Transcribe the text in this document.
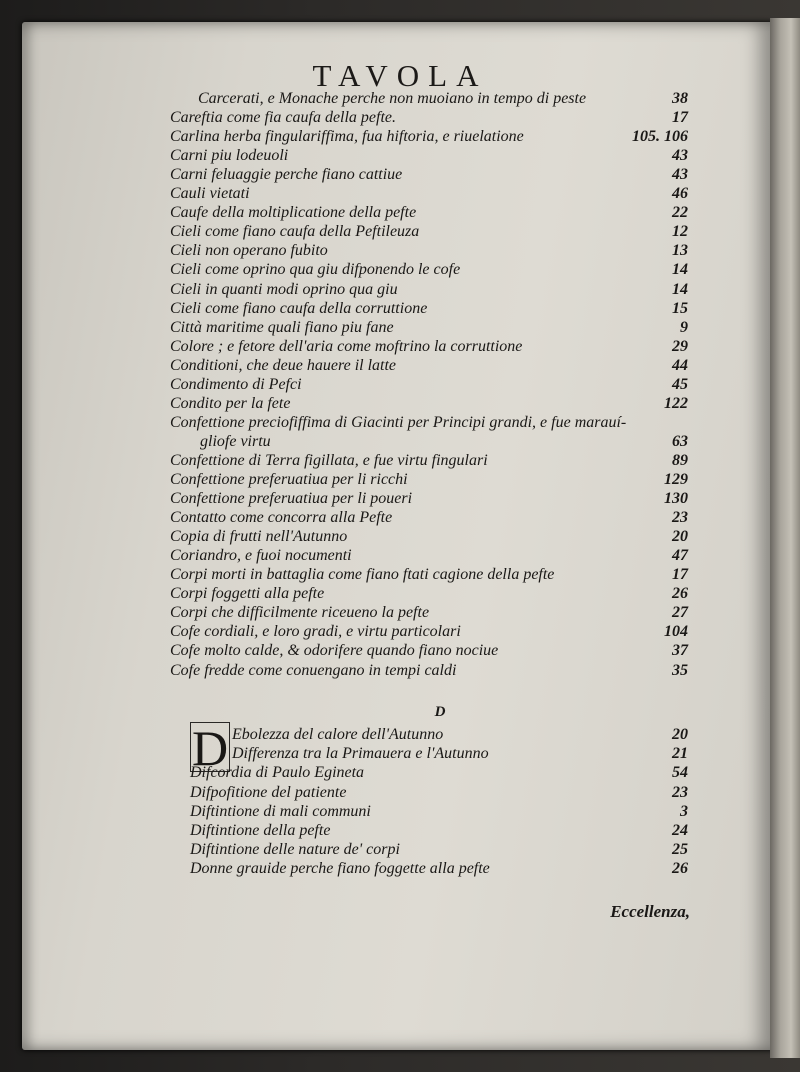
TAVOLA
Carcerati, e Monache perche non muoiano in tempo di peste	38
Careftia come fia caufa della pefte.	17
Carlina herba fingulariffima, fua hiftoria, e riuelatione	105. 106
Carni piu lodeuoli	43
Carni feluaggie perche fiano cattiue	43
Cauli vietati	46
Caufe della moltiplicatione della pefte	22
Cieli come fiano caufa della Peftileuza	12
Cieli non operano fubito	13
Cieli come oprino qua giu difponendo le cofe	14
Cieli in quanti modi oprino qua giu	14
Cieli come fiano caufa della corruttione	15
Città maritime quali fiano piu fane	9
Colore ; e fetore dell'aria come moftrino la corruttione	29
Conditioni, che deue hauere il latte	44
Condimento di Pefci	45
Condito per la fete	122
Confettione preciofiffima di Giacinti per Principi grandi, e fue marauí-
gliofe virtu	63
Confettione di Terra figillata, e fue virtu fingulari	89
Confettione preferuatiua per li ricchi	129
Confettione preferuatiua per li poueri	130
Contatto come concorra alla Pefte	23
Copia di frutti nell'Autunno	20
Coriandro, e fuoi nocumenti	47
Corpi morti in battaglia come fiano ftati cagione della pefte	17
Corpi foggetti alla pefte	26
Corpi che difficilmente riceueno la pefte	27
Cofe cordiali, e loro gradi, e virtu particolari	104
Cofe molto calde, & odorifere quando fiano nociue	37
Cofe fredde come conuengano in tempi caldi	35
D
D Ebolezza del calore dell'Autunno	20
Differenza tra la Primauera e l'Autunno	21
Difcordia di Paulo Egineta	54
Difpofitione del patiente	23
Diftintione di mali communi	3
Diftintione della pefte	24
Diftintione delle nature de' corpi	25
Donne grauide perche fiano foggette alla pefte	26
Eccellenza,
